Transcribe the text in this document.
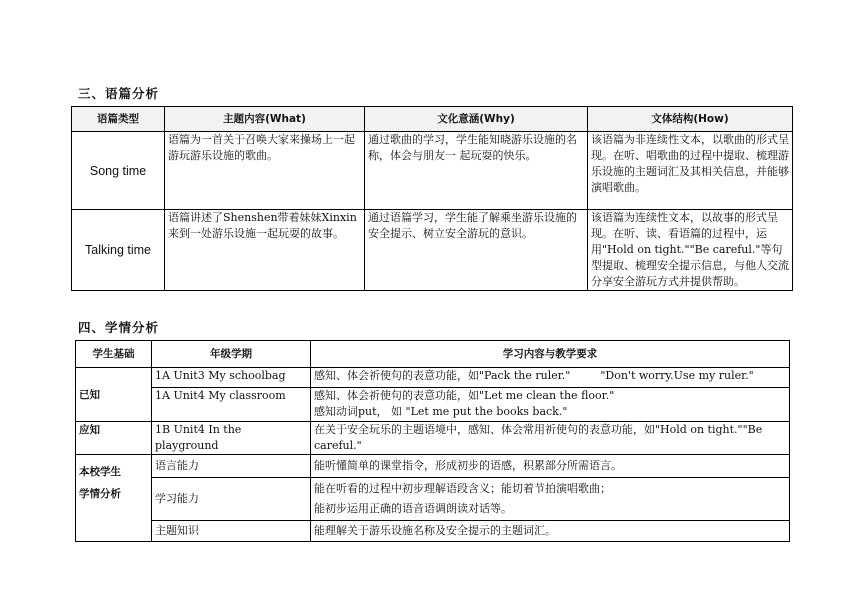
三、语篇分析
语篇类型	主题内容(What)	文化意涵(Why)	文体结构(How)
Song time	语篇为一首关于召唤大家来操场上一起游玩游乐设施的歌曲。	通过歌曲的学习，学生能知晓游乐设施的名称，体会与朋友一 起玩耍的快乐。	该语篇为非连续性文本，以歌曲的形式呈现。在听、唱歌曲的过程中提取、梳理游乐设施的主题词汇及其相关信息，并能够演唱歌曲。
Talking time	语篇讲述了Shenshen带着妹妹Xinxin来到一处游乐设施一起玩耍的故事。	通过语篇学习，学生能了解乘坐游乐设施的安全提示、树立安全游玩的意识。	该语篇为连续性文本，以故事的形式呈现。在听、读、看语篇的过程中，运用"Hold on tight.""Be careful."等句型提取、梳理安全提示信息，与他人交流分享安全游玩方式并提供帮助。
四、学情分析
学生基础	年级学期	学习内容与教学要求
已知	1A Unit3 My schoolbag	感知、体会祈使句的表意功能，如"Pack the ruler." "Don't worry.Use my ruler."
	1A Unit4 My classroom	感知、体会祈使句的表意功能，如"Let me clean the floor."
感知动词put， 如 "Let me put the books back."

应知	1B Unit4 In the playground	在关于安全玩乐的主题语境中，感知、体会常用祈使句的表意功能，如"Hold on tight.""Be careful."

本校学生
学情分析	语言能力	能听懂简单的课堂指令，形成初步的语感，积累部分所需语言。
	学习能力	能在听看的过程中初步理解语段含义；能切着节拍演唱歌曲；
能初步运用正确的语音语调朗读对话等。

	主题知识	能理解关于游乐设施名称及安全提示的主题词汇。
